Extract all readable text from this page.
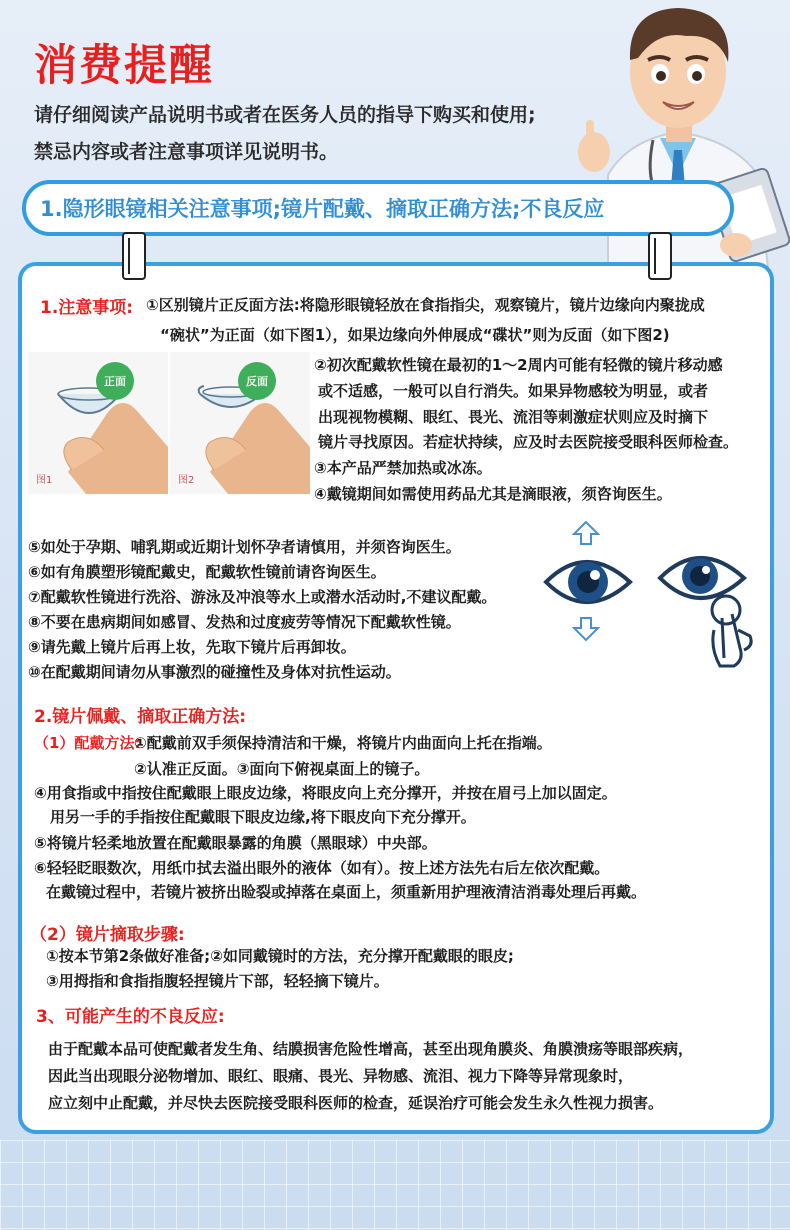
消费提醒
请仔细阅读产品说明书或者在医务人员的指导下购买和使用;
禁忌内容或者注意事项详见说明书。
1.隐形眼镜相关注意事项;镜片配戴、摘取正确方法;不良反应
1.注意事项: ①区别镜片正反面方法:将隐形眼镜轻放在食指指尖，观察镜片，镜片边缘向内聚拢成
“碗状”为正面（如下图1），如果边缘向外伸展成“碟状”则为反面（如下图2)
正面
图1
反面
图2
②初次配戴软性镜在最初的1～2周内可能有轻微的镜片移动感
或不适感，一般可以自行消失。如果异物感较为明显，或者
出现视物模糊、眼红、畏光、流泪等刺激症状则应及时摘下
镜片寻找原因。若症状持续，应及时去医院接受眼科医师检查。
③本产品严禁加热或冰冻。
④戴镜期间如需使用药品尤其是滴眼液，须咨询医生。
⑤如处于孕期、哺乳期或近期计划怀孕者请慎用，并须咨询医生。
⑥如有角膜塑形镜配戴史，配戴软性镜前请咨询医生。
⑦配戴软性镜进行洗浴、游泳及冲浪等水上或潜水活动时,不建议配戴。
⑧不要在患病期间如感冒、发热和过度疲劳等情况下配戴软性镜。
⑨请先戴上镜片后再上妆，先取下镜片后再卸妆。
⑩在配戴期间请勿从事激烈的碰撞性及身体对抗性运动。
2.镜片佩戴、摘取正确方法:
（1）配戴方法:
①配戴前双手须保持清洁和干燥，将镜片内曲面向上托在指端。
②认准正反面。③面向下俯视桌面上的镜子。
④用食指或中指按住配戴眼上眼皮边缘，将眼皮向上充分撑开，并按在眉弓上加以固定。
用另一手的手指按住配戴眼下眼皮边缘,将下眼皮向下充分撑开。
⑤将镜片轻柔地放置在配戴眼暴露的角膜（黑眼球）中央部。
⑥轻轻眨眼数次，用纸巾拭去溢出眼外的液体（如有）。按上述方法先右后左依次配戴。
在戴镜过程中，若镜片被挤出睑裂或掉落在桌面上，须重新用护理液清洁消毒处理后再戴。
（2）镜片摘取步骤:
①按本节第2条做好准备;②如同戴镜时的方法，充分撑开配戴眼的眼皮;
③用拇指和食指指腹轻捏镜片下部，轻轻摘下镜片。
3、可能产生的不良反应:
由于配戴本品可使配戴者发生角、结膜损害危险性增高，甚至出现角膜炎、角膜溃疡等眼部疾病，
因此当出现眼分泌物增加、眼红、眼痛、畏光、异物感、流泪、视力下降等异常现象时，
应立刻中止配戴，并尽快去医院接受眼科医师的检查，延误治疗可能会发生永久性视力损害。
